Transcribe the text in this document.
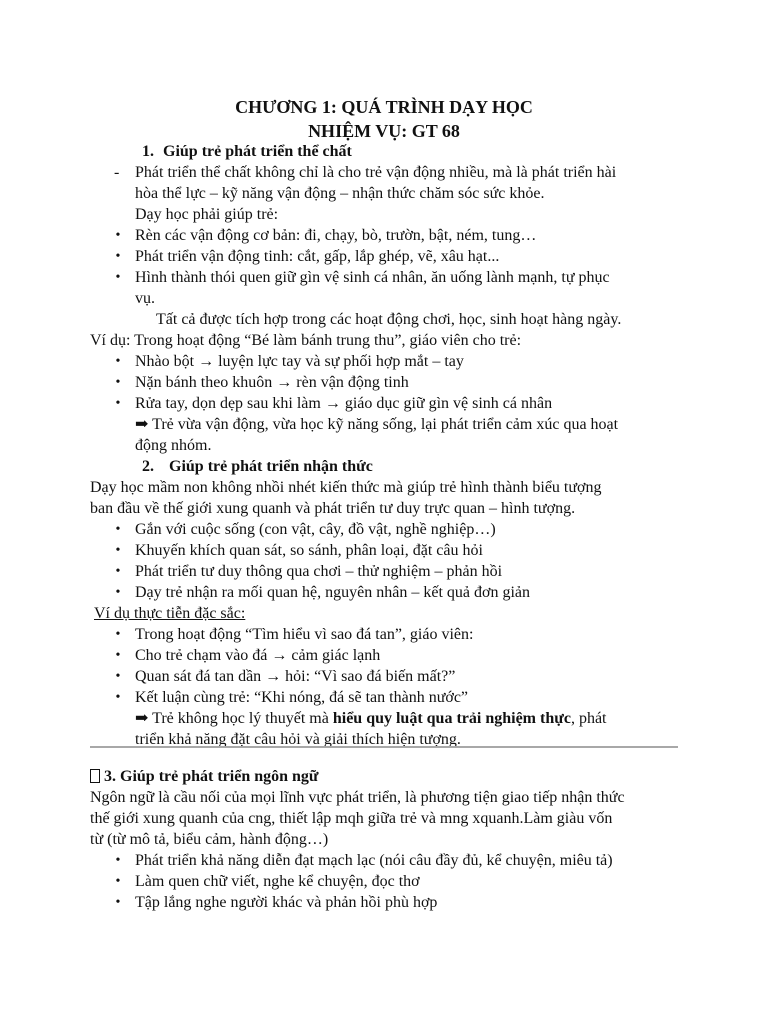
CHƯƠNG 1: QUÁ TRÌNH DẠY HỌC
NHIỆM VỤ: GT 68
1. Giúp trẻ phát triển thể chất
- Phát triển thể chất không chỉ là cho trẻ vận động nhiều, mà là phát triển hài
hòa thể lực – kỹ năng vận động – nhận thức chăm sóc sức khỏe.
Dạy học phải giúp trẻ:
• Rèn các vận động cơ bản: đi, chạy, bò, trườn, bật, ném, tung…
• Phát triển vận động tinh: cắt, gấp, lắp ghép, vẽ, xâu hạt...
• Hình thành thói quen giữ gìn vệ sinh cá nhân, ăn uống lành mạnh, tự phục
vụ.
Tất cả được tích hợp trong các hoạt động chơi, học, sinh hoạt hàng ngày.
Ví dụ: Trong hoạt động “Bé làm bánh trung thu”, giáo viên cho trẻ:
• Nhào bột → luyện lực tay và sự phối hợp mắt – tay
• Nặn bánh theo khuôn → rèn vận động tinh
• Rửa tay, dọn dẹp sau khi làm → giáo dục giữ gìn vệ sinh cá nhân
➡ Trẻ vừa vận động, vừa học kỹ năng sống, lại phát triển cảm xúc qua hoạt
động nhóm.
2. Giúp trẻ phát triển nhận thức
Dạy học mầm non không nhồi nhét kiến thức mà giúp trẻ hình thành biểu tượng
ban đầu về thế giới xung quanh và phát triển tư duy trực quan – hình tượng.
• Gắn với cuộc sống (con vật, cây, đồ vật, nghề nghiệp…)
• Khuyến khích quan sát, so sánh, phân loại, đặt câu hỏi
• Phát triển tư duy thông qua chơi – thử nghiệm – phản hồi
• Dạy trẻ nhận ra mối quan hệ, nguyên nhân – kết quả đơn giản
Ví dụ thực tiễn đặc sắc:
• Trong hoạt động “Tìm hiểu vì sao đá tan”, giáo viên:
• Cho trẻ chạm vào đá → cảm giác lạnh
• Quan sát đá tan dần → hỏi: “Vì sao đá biến mất?”
• Kết luận cùng trẻ: “Khi nóng, đá sẽ tan thành nước”
➡ Trẻ không học lý thuyết mà hiểu quy luật qua trải nghiệm thực, phát
triển khả năng đặt câu hỏi và giải thích hiện tượng.
3. Giúp trẻ phát triển ngôn ngữ
Ngôn ngữ là cầu nối của mọi lĩnh vực phát triển, là phương tiện giao tiếp nhận thức
thế giới xung quanh của cng, thiết lập mqh giữa trẻ và mng xquanh.Làm giàu vốn
từ (từ mô tả, biểu cảm, hành động…)
• Phát triển khả năng diễn đạt mạch lạc (nói câu đầy đủ, kể chuyện, miêu tả)
• Làm quen chữ viết, nghe kể chuyện, đọc thơ
• Tập lắng nghe người khác và phản hồi phù hợp
